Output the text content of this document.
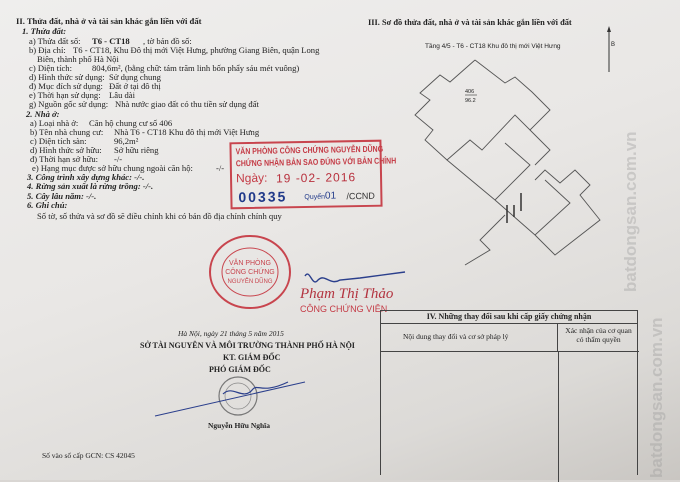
II. Thửa đất, nhà ở và tài sản khác gắn liền với đất
1. Thửa đất:
a) Thửa đất số: T6 - CT18 , tờ bản đồ số:
b) Địa chỉ: T6 - CT18, Khu Đô thị mới Việt Hưng, phường Giang Biên, quận Long
Biên, thành phố Hà Nội
c) Diện tích: 804,6m², (bằng chữ: tám trăm linh bốn phẩy sáu mét vuông)
d) Hình thức sử dụng: Sử dụng chung
đ) Mục đích sử dụng: Đất ở tại đô thị
e) Thời hạn sử dụng: Lâu dài
g) Nguồn gốc sử dụng: Nhà nước giao đất có thu tiền sử dụng đất
2. Nhà ở:
a) Loại nhà ở: Căn hộ chung cư số 406
b) Tên nhà chung cư: Nhà T6 - CT18 Khu đô thị mới Việt Hưng
c) Diện tích sàn:	96,2m²
d) Hình thức sở hữu: Sở hữu riêng
đ) Thời hạn sở hữu: -/-
e) Hạng mục được sở hữu chung ngoài căn hộ:	-/-
3. Công trình xây dựng khác: -/-.
4. Rừng sản xuất là rừng trồng: -/-.
5. Cây lâu năm: -/-.
6. Ghi chú:
Số tờ, số thửa và sơ đồ sẽ điều chỉnh khi có bản đồ địa chính chính quy
III. Sơ đồ thửa đất, nhà ở và tài sản khác gắn liền với đất
Tầng 4/5 - T6 - CT18 Khu đô thị mới Việt Hưng	B
406
96.2
VĂN PHÒNG CÔNG CHỨNG NGUYỄN DŨNG
CHỨNG NHẬN BẢN SAO ĐÚNG VỚI BẢN CHÍNH
Ngày: 19 -02- 2016
00335 Quyển01 /CCND
VĂN PHÒNG
CÔNG CHỨNG
NGUYỄN DŨNG
Phạm Thị Thảo
CÔNG CHỨNG VIÊN
Hà Nội, ngày 21 tháng 5 năm 2015
SỞ TÀI NGUYÊN VÀ MÔI TRƯỜNG THÀNH PHỐ HÀ NỘI
KT. GIÁM ĐỐC
PHÓ GIÁM ĐỐC
Nguyễn Hữu Nghĩa
Số vào sổ cấp GCN: CS 42045
IV. Những thay đổi sau khi cấp giấy chứng nhận
Nội dung thay đổi và cơ sở pháp lý
Xác nhận của cơ quan
có thẩm quyền
batdongsan.com.vn
batdongsan.com.vn
